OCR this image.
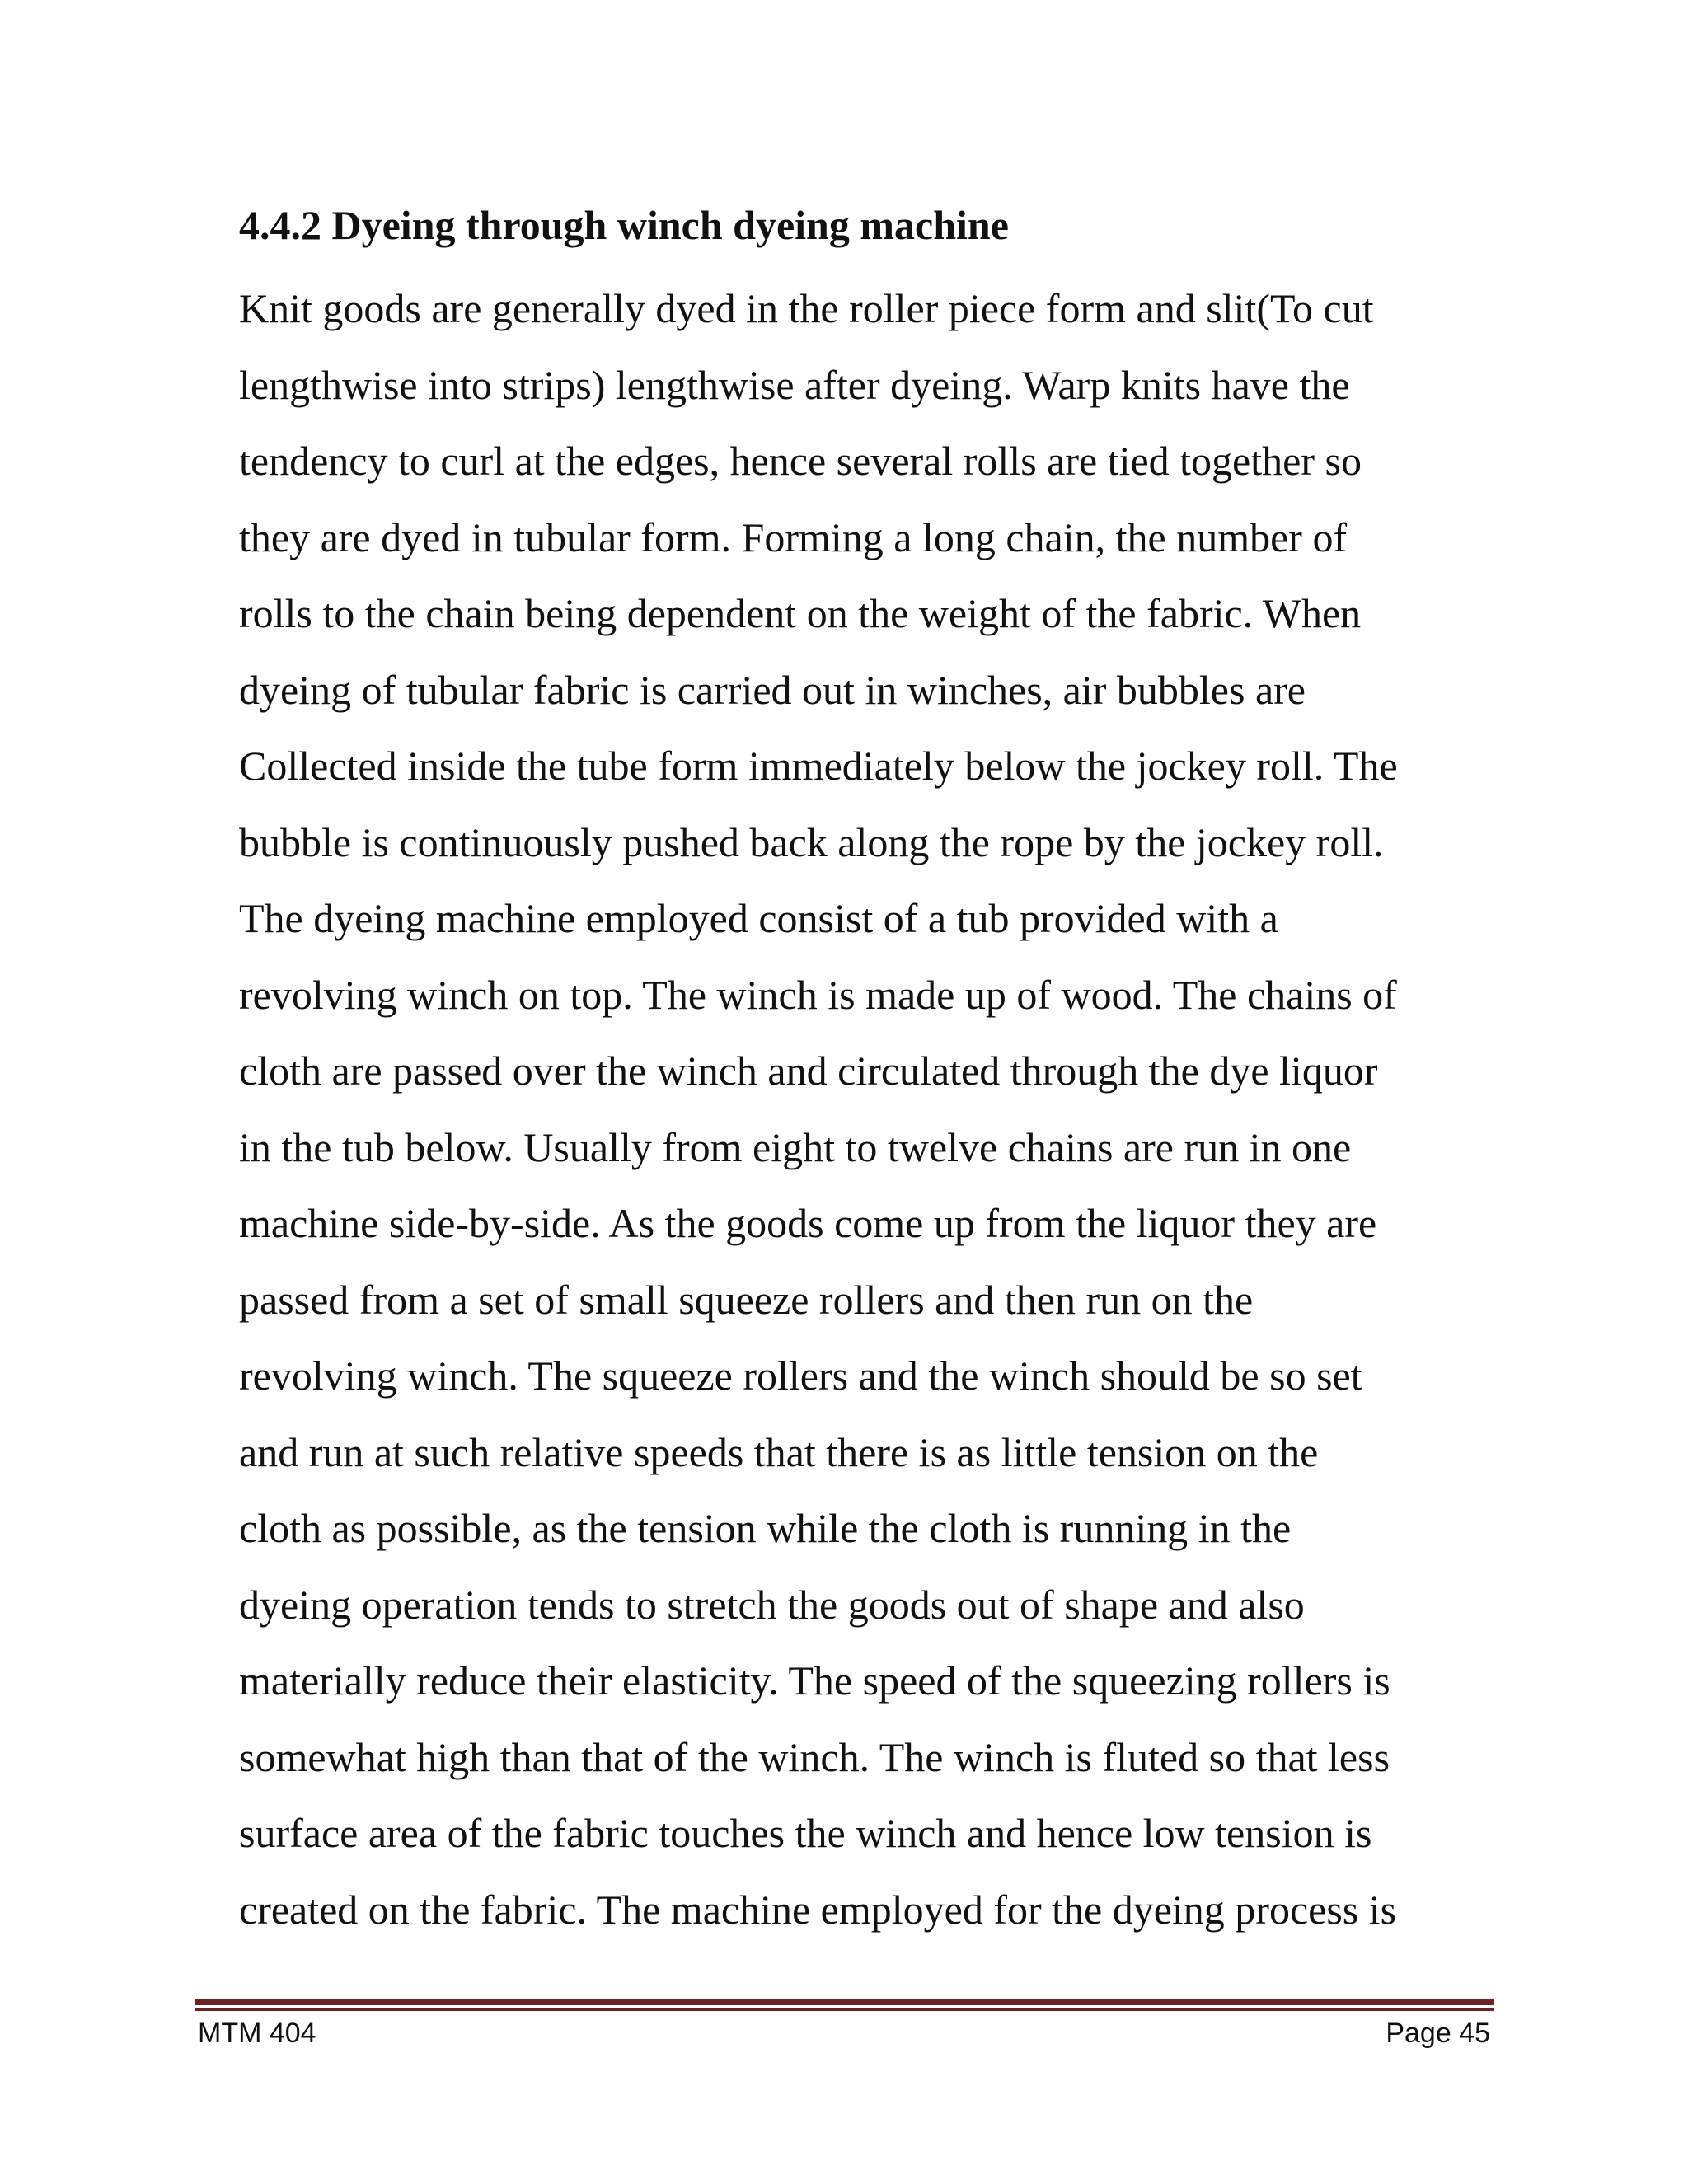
4.4.2 Dyeing through winch dyeing machine
Knit goods are generally dyed in the roller piece form and slit(To cut
lengthwise into strips) lengthwise after dyeing. Warp knits have the
tendency to curl at the edges, hence several rolls are tied together so
they are dyed in tubular form. Forming a long chain, the number of
rolls to the chain being dependent on the weight of the fabric. When
dyeing of tubular fabric is carried out in winches, air bubbles are
Collected inside the tube form immediately below the jockey roll. The
bubble is continuously pushed back along the rope by the jockey roll.
The dyeing machine employed consist of a tub provided with a
revolving winch on top. The winch is made up of wood. The chains of
cloth are passed over the winch and circulated through the dye liquor
in the tub below. Usually from eight to twelve chains are run in one
machine side-by-side. As the goods come up from the liquor they are
passed from a set of small squeeze rollers and then run on the
revolving winch. The squeeze rollers and the winch should be so set
and run at such relative speeds that there is as little tension on the
cloth as possible, as the tension while the cloth is running in the
dyeing operation tends to stretch the goods out of shape and also
materially reduce their elasticity. The speed of the squeezing rollers is
somewhat high than that of the winch. The winch is fluted so that less
surface area of the fabric touches the winch and hence low tension is
created on the fabric. The machine employed for the dyeing process is
MTM 404	Page 45
